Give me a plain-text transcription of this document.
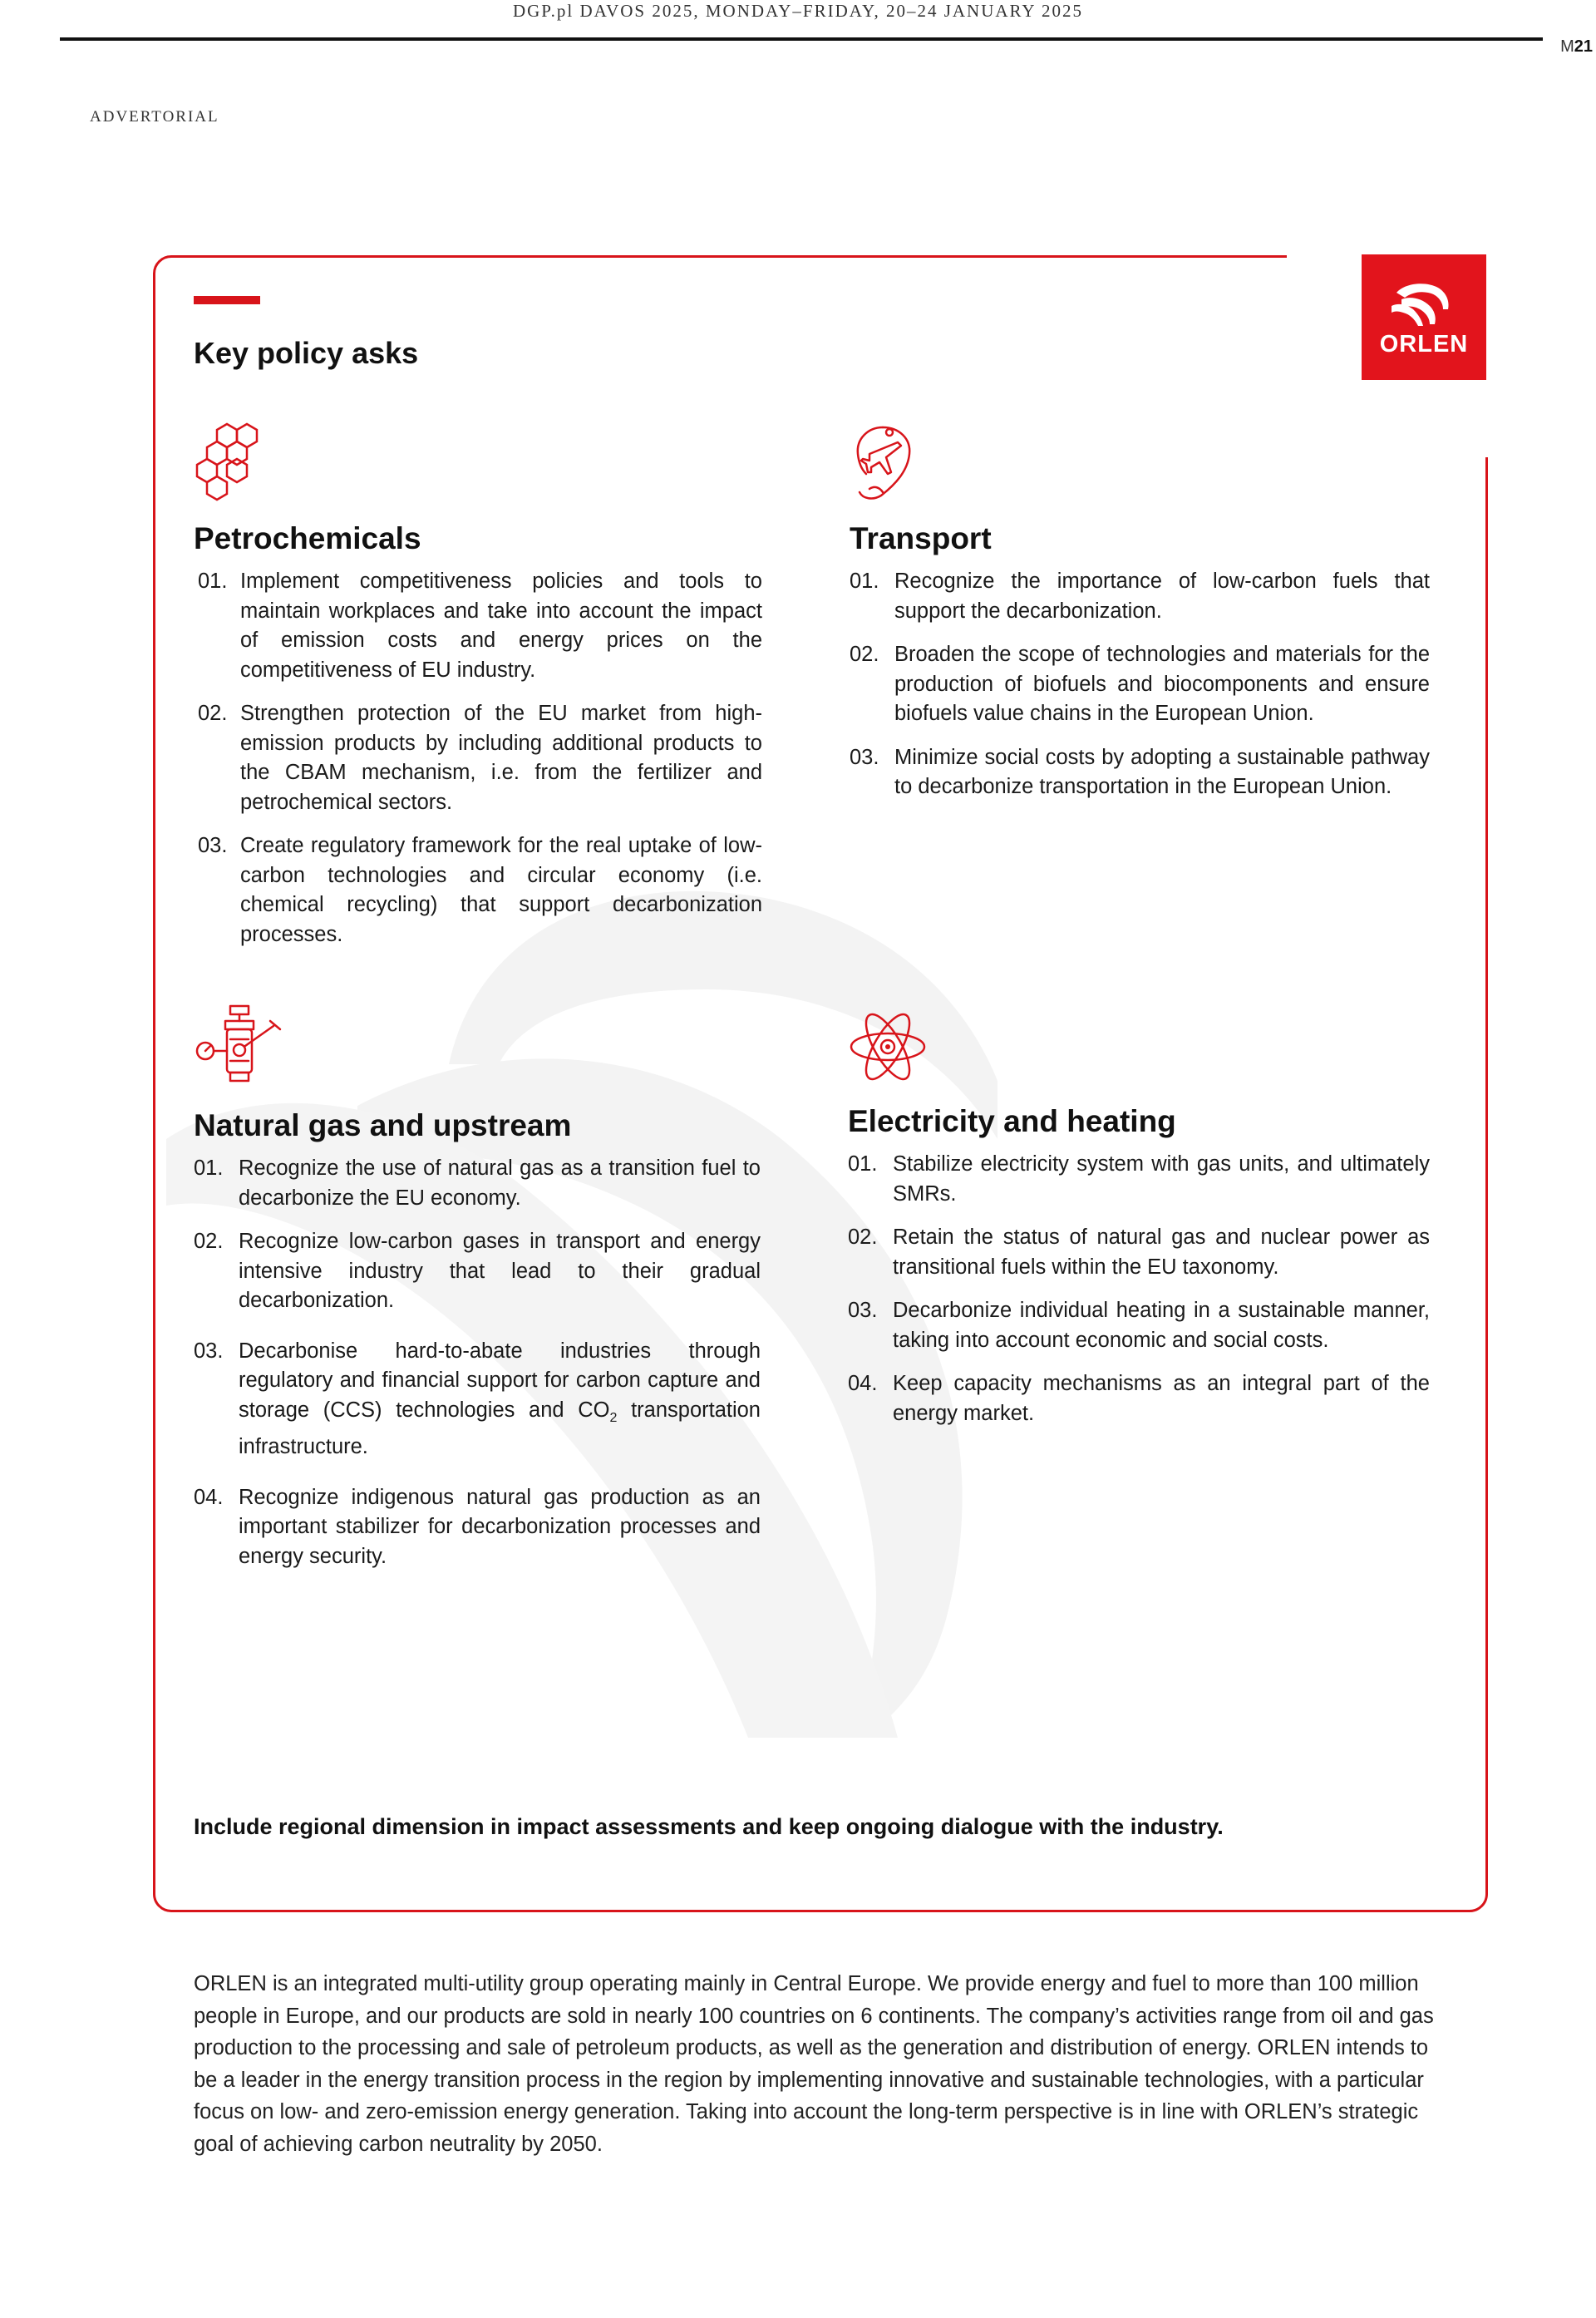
DGP.pl DAVOS 2025, MONDAY–FRIDAY, 20–24 JANUARY 2025
M21
ADVERTORIAL
ORLEN
Key policy asks
Petrochemicals
01. Implement competitiveness policies and tools to maintain workplaces and take into account the impact of emission costs and energy prices on the competitiveness of EU industry.
02. Strengthen protection of the EU market from high-emission products by including additional products to the CBAM mechanism, i.e. from the fertilizer and petrochemical sectors.
03. Create regulatory framework for the real uptake of low-carbon technologies and circular economy (i.e. chemical recycling) that support decarbonization processes.
Transport
01. Recognize the importance of low-carbon fuels that support the decarbonization.
02. Broaden the scope of technologies and materials for the production of biofuels and biocomponents and ensure biofuels value chains in the European Union.
03. Minimize social costs by adopting a sustainable pathway to decarbonize transportation in the European Union.
Natural gas and upstream
01. Recognize the use of natural gas as a transition fuel to decarbonize the EU economy.
02. Recognize low-carbon gases in transport and energy intensive industry that lead to their gradual decarbonization.
03. Decarbonise hard-to-abate industries through regulatory and financial support for carbon capture and storage (CCS) technologies and $CO_2$ transportation infrastructure.
04. Recognize indigenous natural gas production as an important stabilizer for decarbonization processes and energy security.
Electricity and heating
01. Stabilize electricity system with gas units, and ultimately SMRs.
02. Retain the status of natural gas and nuclear power as transitional fuels within the EU taxonomy.
03. Decarbonize individual heating in a sustainable manner, taking into account economic and social costs.
04. Keep capacity mechanisms as an integral part of the energy market.

Include regional dimension in impact assessments and keep ongoing dialogue with the industry.

ORLEN is an integrated multi-utility group operating mainly in Central Europe. We provide energy and fuel to more than 100 million people in Europe, and our products are sold in nearly 100 countries on 6 continents. The company’s activities range from oil and gas production to the processing and sale of petroleum products, as well as the generation and distribution of energy. ORLEN intends to be a leader in the energy transition process in the region by implementing innovative and sustainable technologies, with a particular focus on low- and zero-emission energy generation. Taking into account the long-term perspective is in line with ORLEN’s strategic goal of achieving carbon neutrality by 2050.
